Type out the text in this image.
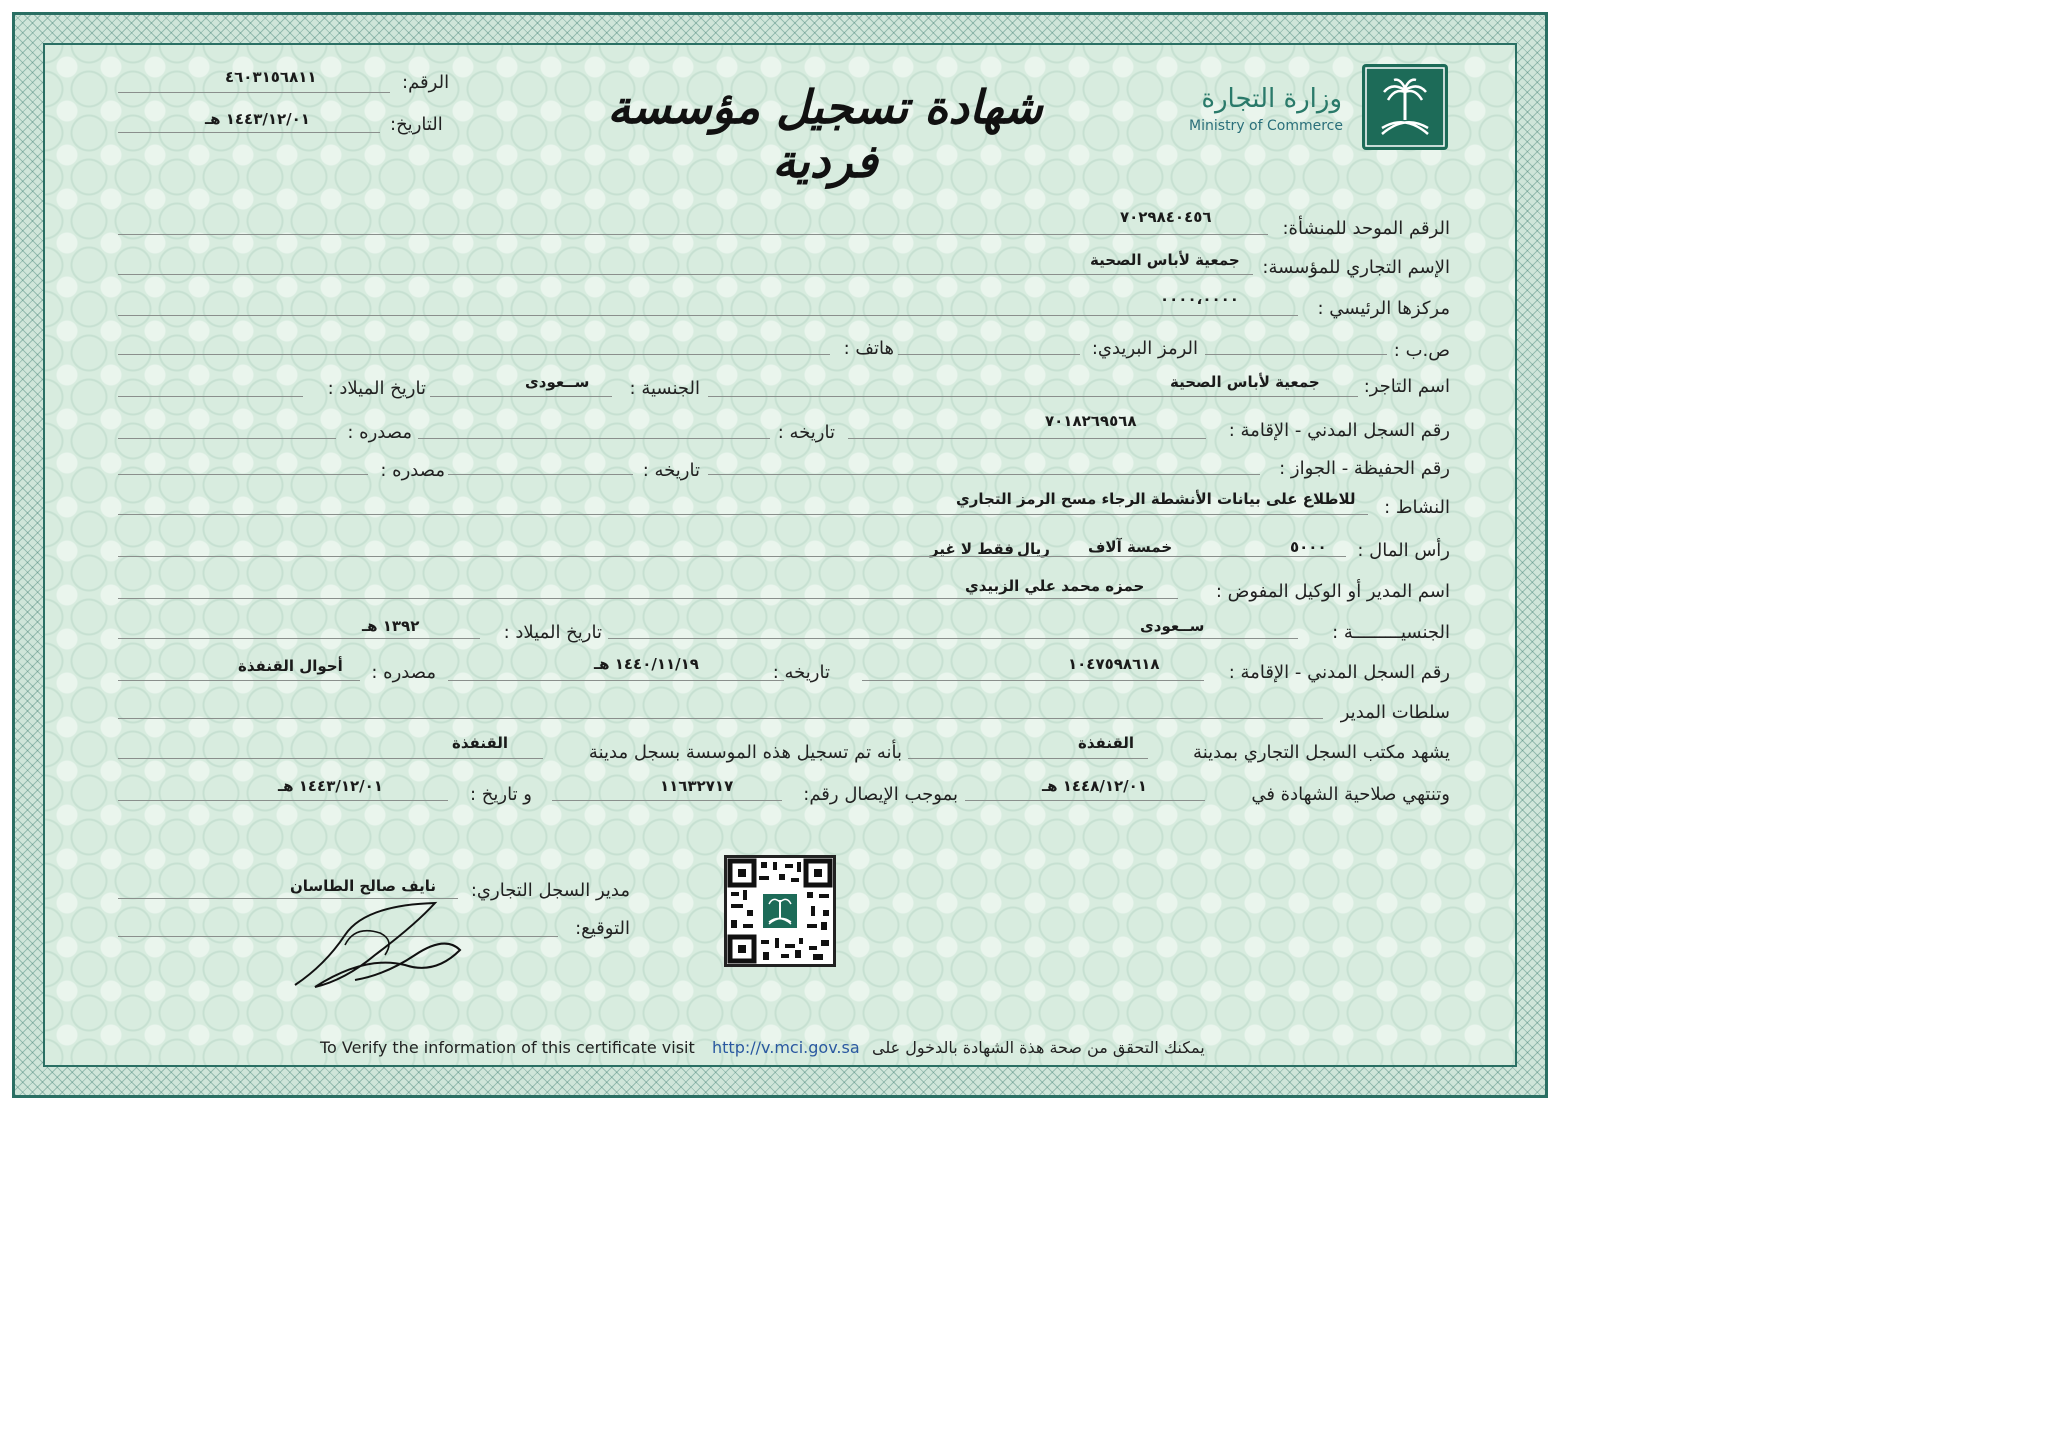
الرقم:
٤٦٠٣١٥٦٨١١
التاريخ:
١٤٤٣/١٢/٠١ هـ	شهادة تسجيل مؤسسة فردية
وزارة التجارة
Ministry of Commerce
الرقم الموحد للمنشأة:
٧٠٢٩٨٤٠٤٥٦
الإسم التجاري للمؤسسة:
جمعية لأباس الصحية
مركزها الرئيسي :
٠٠٠٠،٠٠٠٠
ص.ب :
الرمز البريدي:
هاتف :
اسم التاجر:
جمعية لأباس الصحية
الجنسية :
ســعودى
تاريخ الميلاد :
رقم السجل المدني - الإقامة :
٧٠١٨٢٦٩٥٦٨
تاريخه :
مصدره :
رقم الحفيظة - الجواز :
تاريخه :
مصدره :
النشاط :
للاطلاع على بيانات الأنشطة الرجاء مسح الرمز التجاري
رأس المال :
٥٠٠٠
خمسة آلاف
ريال
فقط لا غير
اسم المدير أو الوكيل المفوض :
حمزه محمد علي الزبيدي
الجنسيـــــــــة :
ســعودى
تاريخ الميلاد :
١٣٩٢ هـ
رقم السجل المدني - الإقامة :
١٠٤٧٥٩٨٦١٨
تاريخه :
١٤٤٠/١١/١٩ هـ
مصدره :
أحوال القنفذة
سلطات المدير
يشهد مكتب السجل التجاري بمدينة
القنفذة
بأنه تم تسجيل هذه الموسسة بسجل مدينة
القنفذة
وتنتهي صلاحية الشهادة في
١٤٤٨/١٢/٠١ هـ
بموجب الإيصال رقم:
١١٦٣٢٧١٧
و تاريخ :
١٤٤٣/١٢/٠١ هـ
مدير السجل التجاري:
نايف صالح الطاسان
التوقيع:
To Verify the information of this certificate visit http://v.mci.gov.sa يمكنك التحقق من صحة هذة الشهادة بالدخول على
